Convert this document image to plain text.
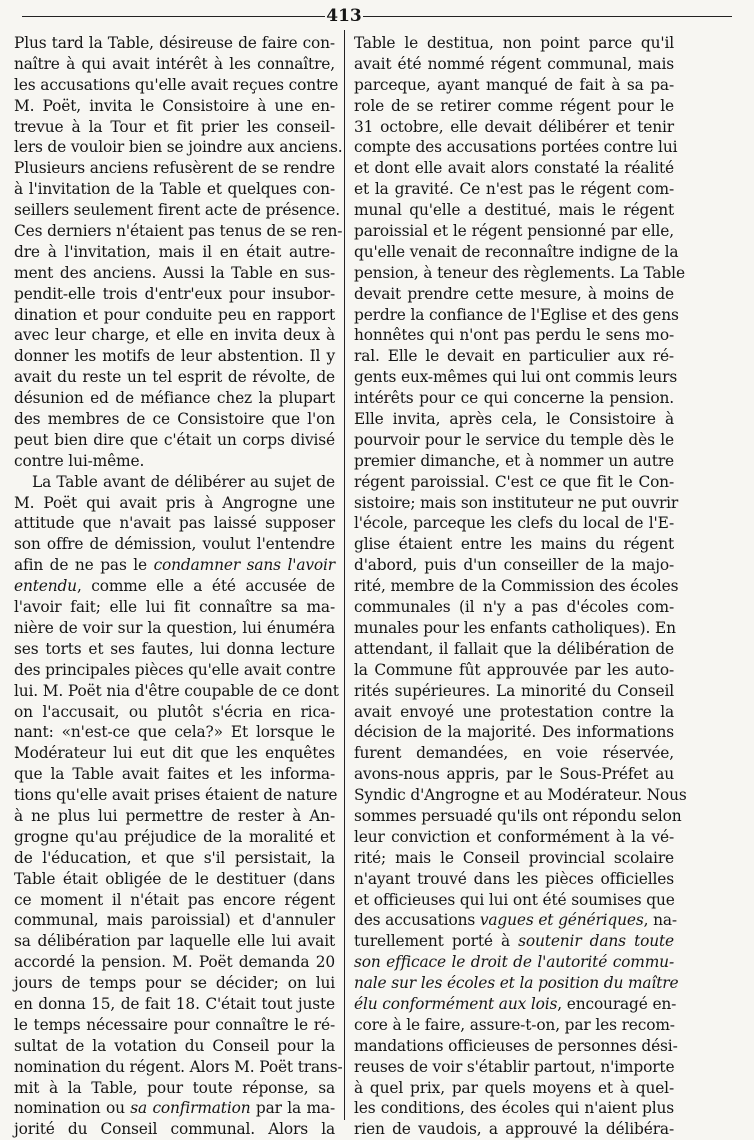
413
Plus tard la Table, désireuse de faire con-
naître à qui avait intérêt à les connaître,
les accusations qu'elle avait reçues contre
M. Poët, invita le Consistoire à une en-
trevue à la Tour et fit prier les conseil-
lers de vouloir bien se joindre aux anciens.
Plusieurs anciens refusèrent de se rendre
à l'invitation de la Table et quelques con-
seillers seulement firent acte de présence.
Ces derniers n'étaient pas tenus de se ren-
dre à l'invitation, mais il en était autre-
ment des anciens. Aussi la Table en sus-
pendit-elle trois d'entr'eux pour insubor-
dination et pour conduite peu en rapport
avec leur charge, et elle en invita deux à
donner les motifs de leur abstention. Il y
avait du reste un tel esprit de révolte, de
désunion ed de méfiance chez la plupart
des membres de ce Consistoire que l'on
peut bien dire que c'était un corps divisé
contre lui-même.
La Table avant de délibérer au sujet de
M. Poët qui avait pris à Angrogne une
attitude que n'avait pas laissé supposer
son offre de démission, voulut l'entendre
afin de ne pas le condamner sans l'avoir
entendu, comme elle a été accusée de
l'avoir fait; elle lui fit connaître sa ma-
nière de voir sur la question, lui énuméra
ses torts et ses fautes, lui donna lecture
des principales pièces qu'elle avait contre
lui. M. Poët nia d'être coupable de ce dont
on l'accusait, ou plutôt s'écria en rica-
nant: «n'est-ce que cela?» Et lorsque le
Modérateur lui eut dit que les enquêtes
que la Table avait faites et les informa-
tions qu'elle avait prises étaient de nature
à ne plus lui permettre de rester à An-
grogne qu'au préjudice de la moralité et
de l'éducation, et que s'il persistait, la
Table était obligée de le destituer (dans
ce moment il n'était pas encore régent
communal, mais paroissial) et d'annuler
sa délibération par laquelle elle lui avait
accordé la pension. M. Poët demanda 20
jours de temps pour se décider; on lui
en donna 15, de fait 18. C'était tout juste
le temps nécessaire pour connaître le ré-
sultat de la votation du Conseil pour la
nomination du régent. Alors M. Poët trans-
mit à la Table, pour toute réponse, sa
nomination ou sa confirmation par la ma-
jorité du Conseil communal. Alors la
Table le destitua, non point parce qu'il
avait été nommé régent communal, mais
parceque, ayant manqué de fait à sa pa-
role de se retirer comme régent pour le
31 octobre, elle devait délibérer et tenir
compte des accusations portées contre lui
et dont elle avait alors constaté la réalité
et la gravité. Ce n'est pas le régent com-
munal qu'elle a destitué, mais le régent
paroissial et le régent pensionné par elle,
qu'elle venait de reconnaître indigne de la
pension, à teneur des règlements. La Table
devait prendre cette mesure, à moins de
perdre la confiance de l'Eglise et des gens
honnêtes qui n'ont pas perdu le sens mo-
ral. Elle le devait en particulier aux ré-
gents eux-mêmes qui lui ont commis leurs
intérêts pour ce qui concerne la pension.
Elle invita, après cela, le Consistoire à
pourvoir pour le service du temple dès le
premier dimanche, et à nommer un autre
régent paroissial. C'est ce que fit le Con-
sistoire; mais son instituteur ne put ouvrir
l'école, parceque les clefs du local de l'E-
glise étaient entre les mains du régent
d'abord, puis d'un conseiller de la majo-
rité, membre de la Commission des écoles
communales (il n'y a pas d'écoles com-
munales pour les enfants catholiques). En
attendant, il fallait que la délibération de
la Commune fût approuvée par les auto-
rités supérieures. La minorité du Conseil
avait envoyé une protestation contre la
décision de la majorité. Des informations
furent demandées, en voie réservée,
avons-nous appris, par le Sous-Préfet au
Syndic d'Angrogne et au Modérateur. Nous
sommes persuadé qu'ils ont répondu selon
leur conviction et conformément à la vé-
rité; mais le Conseil provincial scolaire
n'ayant trouvé dans les pièces officielles
et officieuses qui lui ont été soumises que
des accusations vagues et génériques, na-
turellement porté à soutenir dans toute
son efficace le droit de l'autorité commu-
nale sur les écoles et la position du maître
élu conformément aux lois, encouragé en-
core à le faire, assure-t-on, par les recom-
mandations officieuses de personnes dési-
reuses de voir s'établir partout, n'importe
à quel prix, par quels moyens et à quel-
les conditions, des écoles qui n'aient plus
rien de vaudois, a approuvé la délibéra-
